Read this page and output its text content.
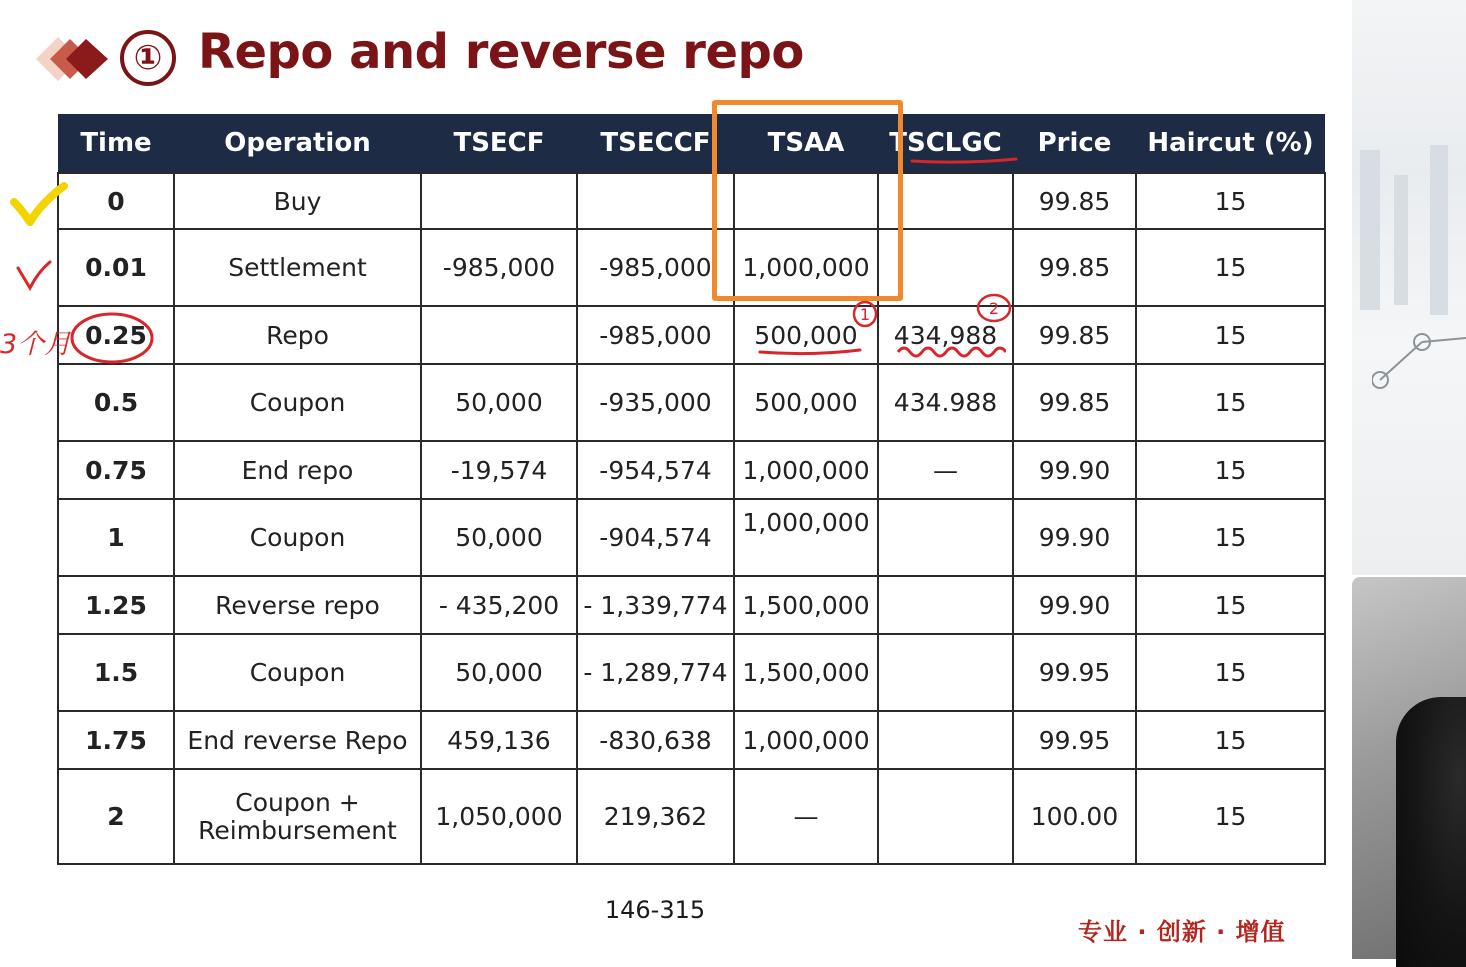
① Repo and reverse repo
Time	Operation	TSECF	TSECCF	TSAA	TSCLGC	Price	Haircut (%)
0	Buy					99.85	15
0.01	Settlement	-985,000	-985,000	1,000,000		99.85	15
0.25	Repo		-985,000	500,000	434,988	99.85	15
0.5	Coupon	50,000	-935,000	500,000	434.988	99.85	15
0.75	End repo	-19,574	-954,574	1,000,000	—	99.90	15
1	Coupon	50,000	-904,574	1,000,000		99.90	15
1.25	Reverse repo	- 435,200	- 1,339,774	1,500,000		99.90	15
1.5	Coupon	50,000	- 1,289,774	1,500,000		99.95	15
1.75	End reverse Repo	459,136	-830,638	1,000,000		99.95	15
2	Coupon + Reimbursement	1,050,000	219,362	—		100.00	15
3个月
1	2
146-315
专业 · 创新 · 增值
